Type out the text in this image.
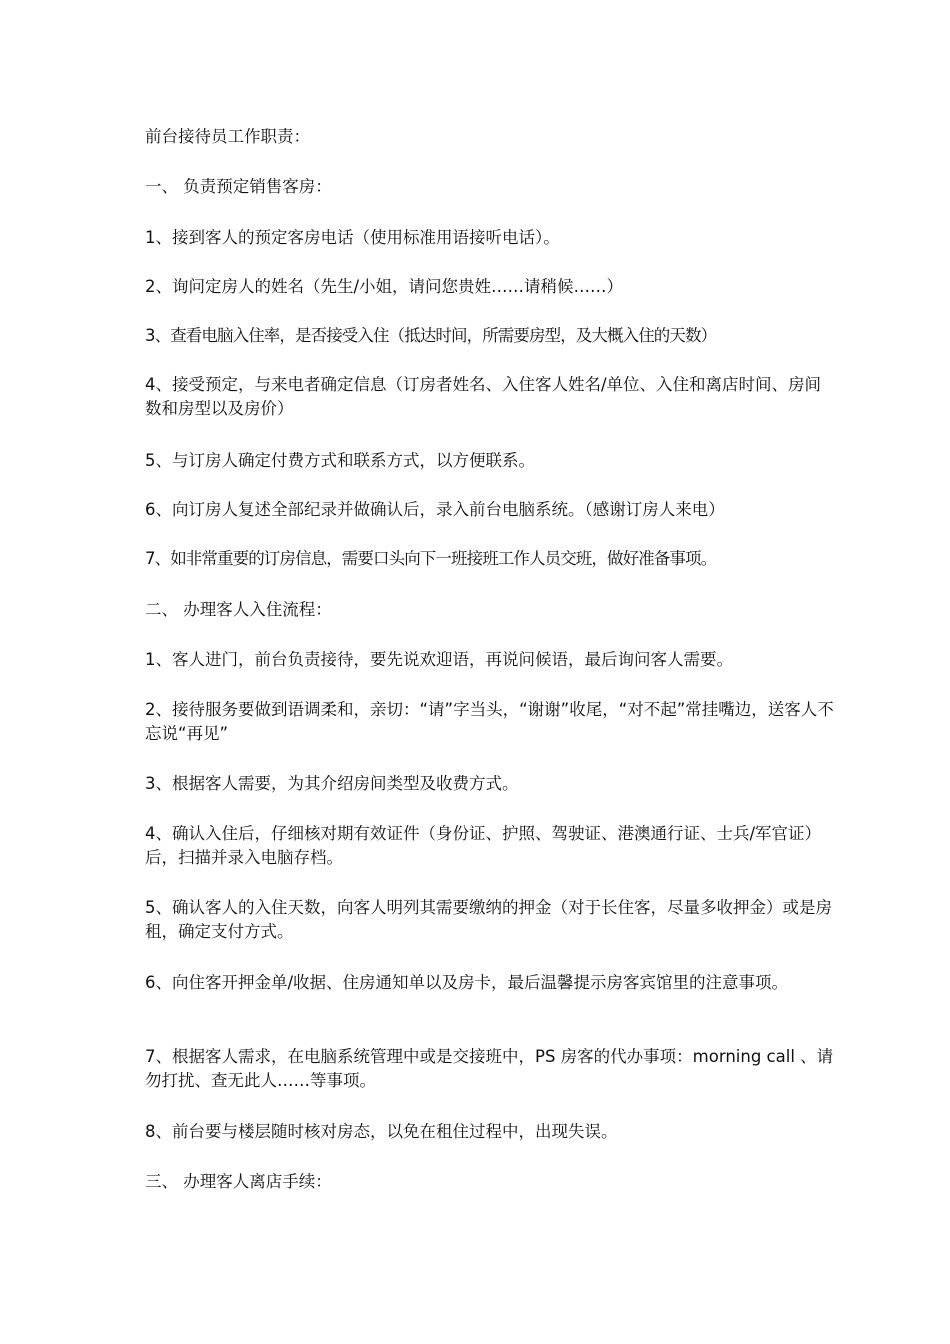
前台接待员工作职责：

一、 负责预定销售客房：

1、接到客人的预定客房电话（使用标准用语接听电话）。

2、询问定房人的姓名（先生/小姐，请问您贵姓……请稍候……）

3、查看电脑入住率，是否接受入住（抵达时间，所需要房型，及大概入住的天数）

4、接受预定，与来电者确定信息（订房者姓名、入住客人姓名/单位、入住和离店时间、房间数和房型以及房价）

5、与订房人确定付费方式和联系方式，以方便联系。

6、向订房人复述全部纪录并做确认后，录入前台电脑系统。（感谢订房人来电）

7、如非常重要的订房信息，需要口头向下一班接班工作人员交班，做好准备事项。

二、 办理客人入住流程：

1、客人进门，前台负责接待，要先说欢迎语，再说问候语，最后询问客人需要。

2、接待服务要做到语调柔和，亲切：“请”字当头，“谢谢”收尾，“对不起”常挂嘴边，送客人不忘说“再见”

3、根据客人需要，为其介绍房间类型及收费方式。

4、确认入住后，仔细核对期有效证件（身份证、护照、驾驶证、港澳通行证、士兵/军官证）后，扫描并录入电脑存档。

5、确认客人的入住天数，向客人明列其需要缴纳的押金（对于长住客，尽量多收押金）或是房租，确定支付方式。

6、向住客开押金单/收据、住房通知单以及房卡，最后温馨提示房客宾馆里的注意事项。

7、根据客人需求，在电脑系统管理中或是交接班中，PS 房客的代办事项：morning call 、请勿打扰、查无此人……等事项。

8、前台要与楼层随时核对房态，以免在租住过程中，出现失误。

三、 办理客人离店手续：
